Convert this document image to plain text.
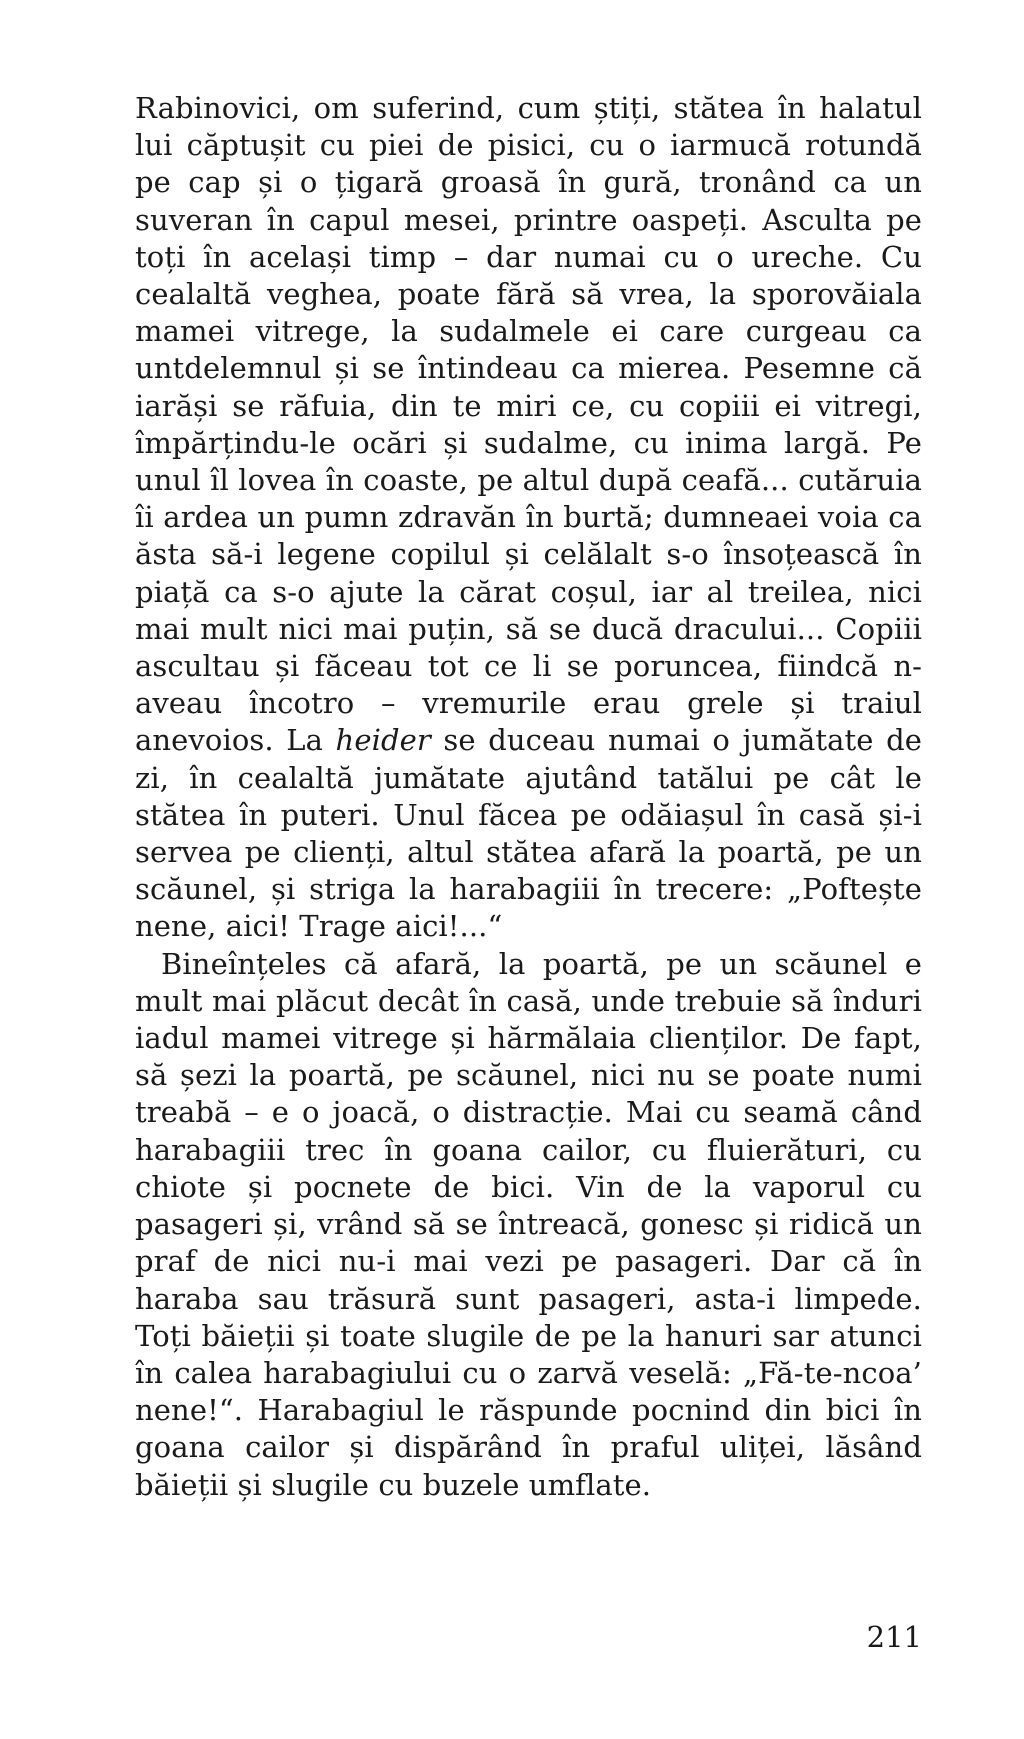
Rabinovici, om suferind, cum știți, stătea în halatul lui căptușit cu piei de pisici, cu o iarmucă rotundă pe cap și o țigară groasă în gură, tronând ca un suveran în capul mesei, printre oaspeți. Asculta pe toți în același timp – dar numai cu o ureche. Cu cealaltă veghea, poate fără să vrea, la sporovăiala mamei vitrege, la sudalmele ei care curgeau ca untdelemnul și se întindeau ca mierea. Pesemne că iarăși se răfuia, din te miri ce, cu copiii ei vitregi, împărțindu-le ocări și sudalme, cu inima largă. Pe unul îl lovea în coaste, pe altul după ceafă... cutăruia îi ardea un pumn zdravăn în burtă; dumneaei voia ca ăsta să-i legene copilul și celălalt s-o însoțească în piață ca s-o ajute la cărat coșul, iar al treilea, nici mai mult nici mai puțin, să se ducă dracului... Copiii ascultau și făceau tot ce li se poruncea, fiindcă n-aveau încotro – vremurile erau grele și traiul anevoios. La heider se duceau numai o jumătate de zi, în cealaltă jumătate ajutând tatălui pe cât le stătea în puteri. Unul făcea pe odăiașul în casă și-i servea pe clienți, altul stătea afară la poartă, pe un scăunel, și striga la harabagiii în trecere: „Poftește nene, aici! Trage aici!...“

Bineînțeles că afară, la poartă, pe un scăunel e mult mai plăcut decât în casă, unde trebuie să înduri iadul mamei vitrege și hărmălaia clienților. De fapt, să șezi la poartă, pe scăunel, nici nu se poate numi treabă – e o joacă, o distracție. Mai cu seamă când harabagiii trec în goana cailor, cu fluierături, cu chiote și pocnete de bici. Vin de la vaporul cu pasageri și, vrând să se întreacă, gonesc și ridică un praf de nici nu-i mai vezi pe pasageri. Dar că în haraba sau trăsură sunt pasageri, asta-i limpede. Toți băieții și toate slugile de pe la hanuri sar atunci în calea harabagiului cu o zarvă veselă: „Fă-te-ncoa’ nene!“. Harabagiul le răspunde pocnind din bici în goana cailor și dispărând în praful uliței, lăsând băieții și slugile cu buzele umflate.

211
